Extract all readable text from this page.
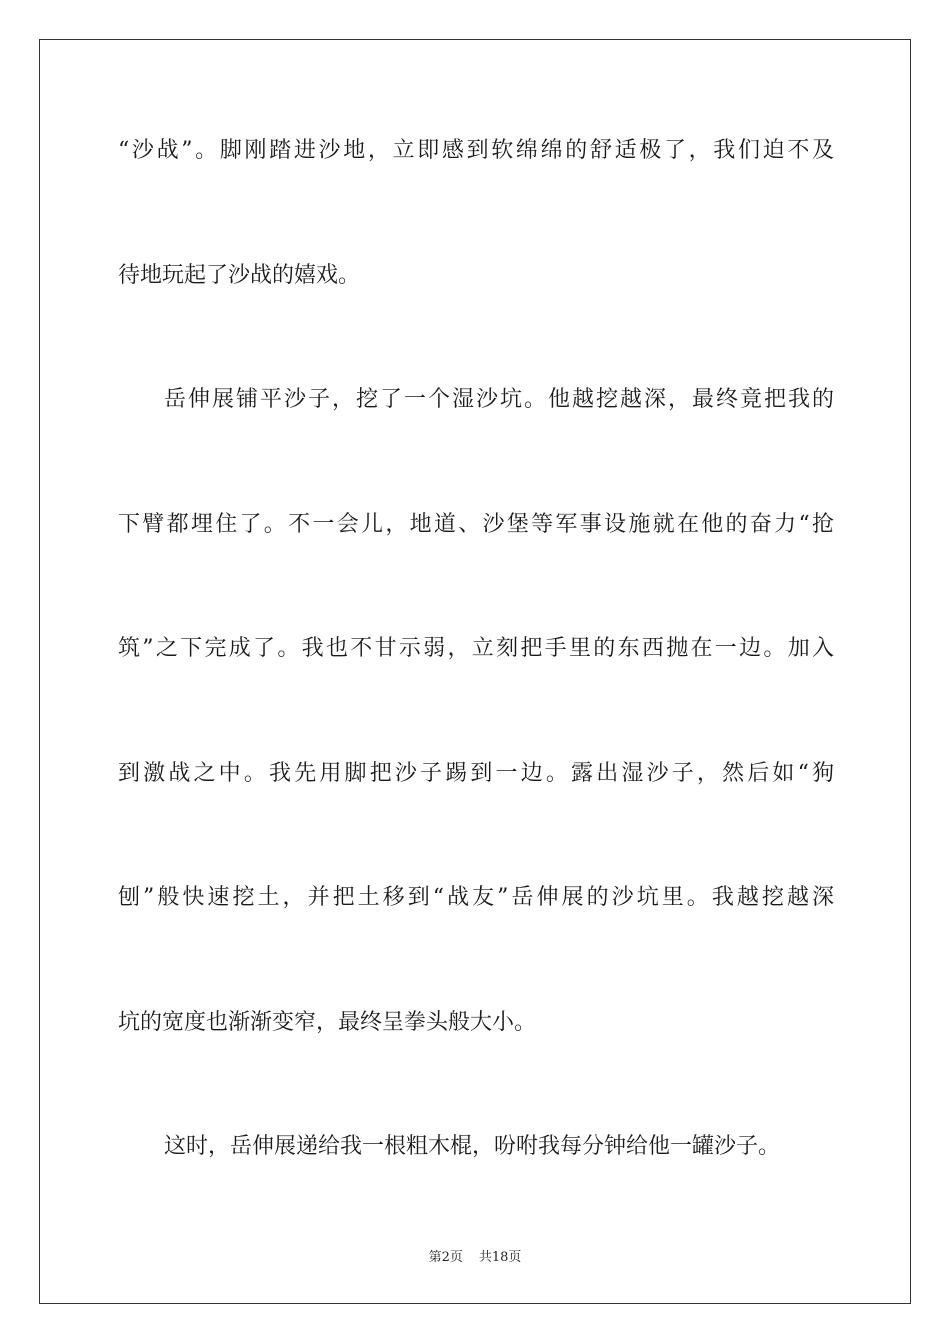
“沙战”。脚刚踏进沙地，立即感到软绵绵的舒适极了，我们迫不及
待地玩起了沙战的嬉戏。
岳伸展铺平沙子，挖了一个湿沙坑。他越挖越深，最终竟把我的
下臂都埋住了。不一会儿，地道、沙堡等军事设施就在他的奋力“抢
筑”之下完成了。我也不甘示弱，立刻把手里的东西抛在一边。加入
到激战之中。我先用脚把沙子踢到一边。露出湿沙子，然后如“狗
刨”般快速挖土，并把土移到“战友”岳伸展的沙坑里。我越挖越深
坑的宽度也渐渐变窄，最终呈拳头般大小。
这时，岳伸展递给我一根粗木棍，吩咐我每分钟给他一罐沙子。
第2页 共18页
